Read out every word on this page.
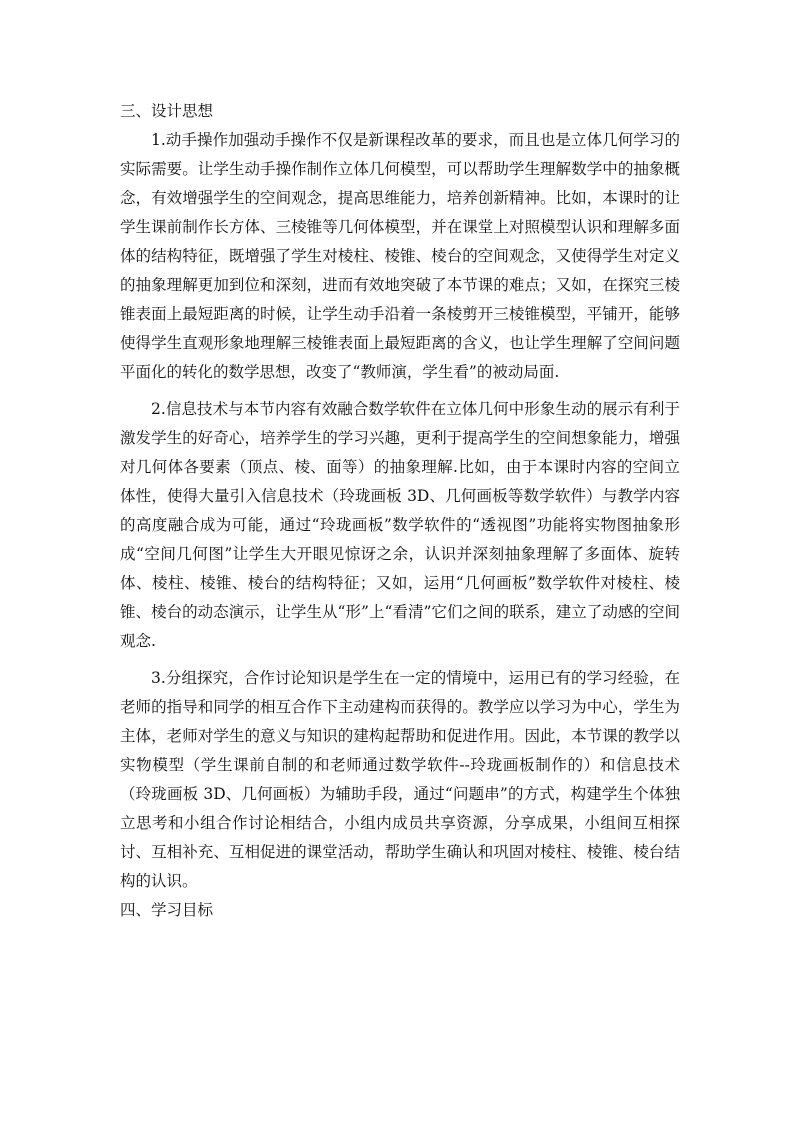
三、设计思想

1.动手操作加强动手操作不仅是新课程改革的要求，而且也是立体几何学习的实际需要。让学生动手操作制作立体几何模型，可以帮助学生理解数学中的抽象概念，有效增强学生的空间观念，提高思维能力，培养创新精神。比如，本课时的让学生课前制作长方体、三棱锥等几何体模型，并在课堂上对照模型认识和理解多面体的结构特征，既增强了学生对棱柱、棱锥、棱台的空间观念，又使得学生对定义的抽象理解更加到位和深刻，进而有效地突破了本节课的难点；又如，在探究三棱锥表面上最短距离的时候，让学生动手沿着一条棱剪开三棱锥模型，平铺开，能够使得学生直观形象地理解三棱锥表面上最短距离的含义，也让学生理解了空间问题平面化的转化的数学思想，改变了“教师演，学生看”的被动局面.

2.信息技术与本节内容有效融合数学软件在立体几何中形象生动的展示有利于激发学生的好奇心，培养学生的学习兴趣，更利于提高学生的空间想象能力，增强对几何体各要素（顶点、棱、面等）的抽象理解.比如，由于本课时内容的空间立体性，使得大量引入信息技术（玲珑画板 3D、几何画板等数学软件）与教学内容的高度融合成为可能，通过“玲珑画板”数学软件的“透视图”功能将实物图抽象形成“空间几何图”让学生大开眼见惊讶之余，认识并深刻抽象理解了多面体、旋转体、棱柱、棱锥、棱台的结构特征；又如，运用“几何画板”数学软件对棱柱、棱锥、棱台的动态演示，让学生从“形”上“看清”它们之间的联系，建立了动感的空间观念.

3.分组探究，合作讨论知识是学生在一定的情境中，运用已有的学习经验，在老师的指导和同学的相互合作下主动建构而获得的。教学应以学习为中心，学生为主体，老师对学生的意义与知识的建构起帮助和促进作用。因此，本节课的教学以实物模型（学生课前自制的和老师通过数学软件--玲珑画板制作的）和信息技术（玲珑画板 3D、几何画板）为辅助手段，通过“问题串”的方式，构建学生个体独立思考和小组合作讨论相结合，小组内成员共享资源，分享成果，小组间互相探讨、互相补充、互相促进的课堂活动，帮助学生确认和巩固对棱柱、棱锥、棱台结构的认识。

四、学习目标
